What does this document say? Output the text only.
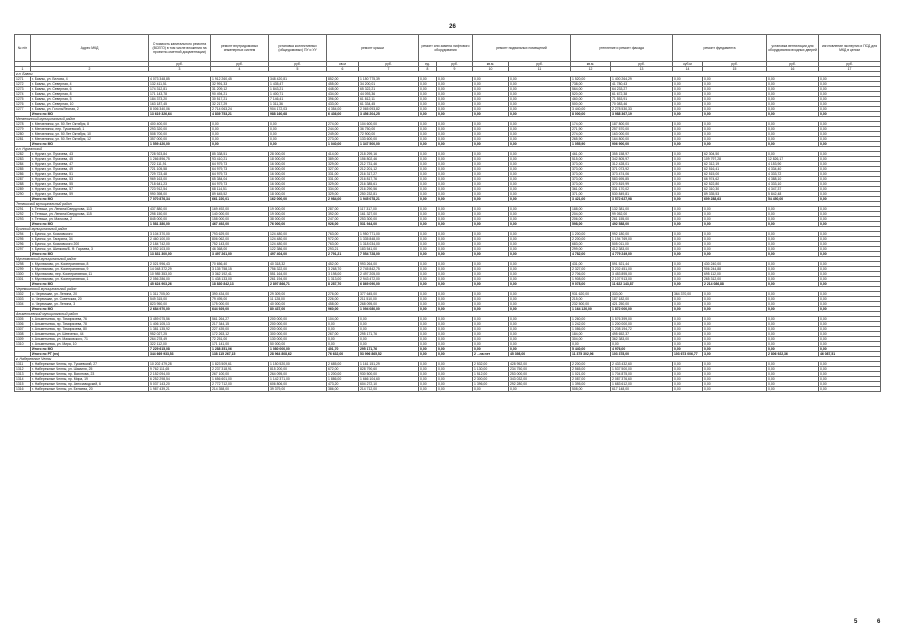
26
№ п/п	Адрес МКД	Стоимость капитального ремонта (ВСЕГО) в том числе вложения на проектно-сметной документации)	ремонт внутридомовых инженерных систем	установка коллективных (общедомовых) ПУ и УУ	ремонт крыши		ремонт или замена лифтового оборудования		ремонт подвальных помещений		утепление и ремонт фасада		ремонт фундамента		установка вентиляции для оборудования входных дверей	изготовление экспертиз и ПСД для МКД в целом
		руб.	руб.	руб.	кв.м	руб.	ед.	руб.	кв.м.	руб.	кв.м.	руб.	куб.м	руб.	руб.	руб.
1	2	3	4	5	6	7	8	9	10	11	12	13	14	15	16	17
г.п. Бавлы																
1271	г. Бавлы, ул. Белова, 4	4 073 348,85	1 912 260,45	348 420,81	852,00	1 150 775,39	0,00	0,00	0,00	0,00	1 520,00	1 400 264,29	0,00	0,00	0,00	0,00
1272	г. Бавлы, ул. Северная, 4	132 411,51	32 991,33	1 435,47	455,00	34 200,01	0,00	0,00	0,00	0,00	738,00	41 780,43	0,00	0,00	0,00	0,00
1273	г. Бавлы, ул. Северная, 6	174 312,81	31 209,12	1 843,21	448,00	65 322,21	0,00	0,00	0,00	0,00	564,00	64 233,27	0,00	0,00	0,00	0,00
1274	г. Бавлы, ул. Северная, 8	171 143,78	90 494,21	1 400,71	434,00	44 093,36	0,00	0,00	0,00	0,00	520,00	61 672,38	0,00	0,00	0,00	0,00
1275	г. Бавлы, ул. Северная, 5	184 373,20	30 517,21	7 146,41	396,00	61 812,11	0,00	0,00	0,00	0,00	460,00	71 553,91	0,00	0,00	0,00	0,00
1276	г. Бавлы, ул. Северная, 10	163 187,45	32 217,29	1 311,36	433,00	61 334,45	0,00	0,00	0,00	0,00	500,00	70 083,46	0,00	0,00	0,00	0,00
1277	г. Бавлы, ул. Гоголя/Лесная, 2	8 006 340,06	2 714 063,24	904 172,03	4 354,00	2 065 093,82	0,00	0,00	0,00	0,00	3 440,00	2 278 530,33	0,00	0,00	0,00	0,00
	Итого по МО	13 619 326,64	4 839 753,21	988 160,68	6 436,00	3 456 204,25	0,00	0,00	0,00	0,00	8 000,00	3 988 367,19	0,00	0,00	0,00	0,00
Мензелинский муниципальный район																
1278	г. Мензелинск, ул. 50 Лет Октября, 8	400 400,00	0,00	0,00	274,00	104 600,00	0,00	0,00	0,00	0,00	174,00	187 800,00	0,00	0,00	0,00	0,00
1279	г. Мензелинск, пер. Тукаевский, 1	293 320,00	0,00	0,00	244,00	36 750,00	0,00	0,00	0,00	0,00	271,90	257 570,00	0,00	0,00	0,00	0,00
1280	г. Мензелинск, ул. 50 Лет Октября, 10	508 700,00	0,00	0,00	249,00	72 900,00	0,00	0,00	0,00	0,00	274,00	163 000,00	0,00	0,00	0,00	0,00
1281	г. Мензелинск, ул. 50 Лет Октября, 12	357 000,00	0,00	0,00	273,00	133 600,00	0,00	0,00	0,00	0,00	265,90	164 800,00	0,00	0,00	0,00	0,00
	Итого по МО	1 559 420,00	0,00	0,00	1 040,00	1 347 500,00	0,00	0,00	0,00	0,00	1 055,90	906 900,00	0,00	0,00	0,00	0,00
г.п. Нурлатский																
1282	г. Нурлат, ул. Пугачева, 43	728 923,84	85 338,51	28 000,00	414,00	218 299,16	0,00	0,00	0,00	0,00	461,00	355 158,97	0,00	62 304,50	0,00	0,00
1283	г. Нурлат, ул. Пугачева, 45	1 266 896,75	93 410,21	18 000,00	389,00	156 802,46	0,00	0,00	0,00	0,00	515,00	342 805,97	0,00	109 797,28	12 826,17	0,00
1284	г. Нурлат, ул. Пугачева, 47	722 111,91	64 979,73	16 000,00	329,00	212 731,46	0,00	0,00	0,00	0,00	373,00	312 428,01	0,00	62 312,19	4 153,90	0,00
1285	г. Нурлат, ул. Пугачева, 49	721 105,58	64 979,73	16 000,00	327,00	212 201,12	0,00	0,00	0,00	0,00	373,00	371 073,92	0,00	62 516,41	4 334,40	0,00
1286	г. Нурлат, ул. Пугачева, 51	729 723,48	64 979,73	16 000,00	331,00	216 317,27	0,00	0,00	0,00	0,00	373,00	373 474,06	0,00	62 515,00	4 333,72	0,00
1287	г. Нурлат, ул. Пугачева, 53	969 163,00	65 384,04	16 000,00	331,00	216 817,76	0,00	0,00	0,00	0,00	373,00	583 695,85	0,00	66 974,62	4 388,10	0,00
1288	г. Нурлат, ул. Пугачева, 55	718 641,23	64 979,73	16 000,00	329,00	216 385,61	0,00	0,00	0,00	0,00	373,00	370 819,99	0,00	62 522,80	4 333,10	0,00
1289	г. Нурлат, ул. Пугачева, 57	723 912,54	68 114,51	16 000,00	334,00	216 290,56	0,00	0,00	0,00	0,00	361,00	331 170,02	0,00	62 310,30	4 347,37	0,00
1290	г. Нурлат, ул. Пугачева, 59	990 398,00	89 645,52	18 000,00	329,00	250 232,81	0,00	0,00	0,00	0,00	371,00	530 849,81	0,00	89 335,53	5 842,48	0,00
	Итого по МО	7 070 876,34	661 220,01	162 000,00	2 984,00	1 945 078,21	0,00	0,00	0,00	0,00	3 421,00	3 572 627,98	0,00	609 288,63	54 450,00	0,00
Тетюшский муниципальный район																
1291	г. Тетюши, ул. Ленина/Свердлова, 113	437 880,00	169 492,00	19 000,00	287,00	117 317,00	0,00	0,00	0,00	0,00	188,00	132 381,00	0,00	0,00	0,00	0,00
1292	г. Тетюши, ул. Ленина/Свердлова, 115	298 150,00	140 000,00	19 000,00	392,00	161 327,00	0,00	0,00	0,00	0,00	204,00	99 052,00	0,00	0,00	0,00	0,00
1293	г. Тетюши, ул. Малкова, 2	845 000,00	158 000,00	38 000,00	247,00	253 300,00	0,00	0,00	0,00	0,00	206,00	261 155,00	0,00	0,00	0,00	0,00
	Итого по МО	1 581 380,00	467 492,00	76 000,00	926,00	531 944,00	0,00	0,00	0,00	0,00	598,00	492 588,00	0,00	0,00	0,00	0,00
Буинский муниципальный район																
1294	г. Буинск, ул. Космовского	3 104 370,00	793 629,00	124 480,00	763,00	1 950 771,00	0,00	0,00	0,00	0,00	1 200,00	992 180,00	0,00	0,00	0,00	0,00
1295	г. Буинск, ул. Гагарина, 34	2 460 100,00	806 062,00	124 480,00	972,00	1 335 848,00	0,00	0,00	0,00	0,00	2 200,00	1 194 769,00	0,00	0,00	0,00	0,00
1296	г. Буинск, ул. Космовского 200	2 184 742,00	752 143,00	124 480,00	763,00	1 318 034,00	0,00	0,00	0,00	0,00	683,00	505 011,00	0,00	0,00	0,00	0,00
1297	г. Буинск, ул. Шипкова/Б. Ф. Гараева, 3	3 092 103,00	46 368,00	122 386,00	293,21	183 541,00	0,00	0,00	0,00	0,00	299,00	412 383,00	0,00	0,00	0,00	0,00
	Итого по МО	13 831 300,00	3 497 261,00	497 404,00	2 791,21	7 554 728,00	0,00	0,00	0,00	0,00	4 782,00	4 779 249,00	0,00	0,00	0,00	0,00
Муслюмовский муниципальный район																
1298	г. Муслюмово, ул. Кооперативная, 8	2 021 996,43	70 656,40	40 318,32	452,00	993 264,00	0,00	0,00	0,00	0,00	431,00	591 521,44	0,00	430 240,00	0,00	0,00
1299	г. Муслюмово, ул. Кооперативная, 9	14 048 372,29	3 135 758,15	756 322,00	3 268,70	2 745 842,75	0,00	0,00	0,00	0,00	2 327,00	3 202 451,00	0,00	906 244,88	0,00	0,00
1300	г. Муслюмово, пер. Кооперативная, 11	10 985 353,00	3 362 192,41	551 164,00	3 198,00	2 497 205,00	0,00	0,00	0,00	0,00	2 706,00	3 453 895,00	0,00	695 112,00	0,00	0,00
1301	г. Муслюмово, ул. Кооперативная, 1	2 056 286,00	1 438 133,00	261 194,00	1 313,00	2 943 472,00	0,00	0,00	0,00	0,00	1 908,00	2 107 913,00	0,00	265 312,00	0,00	0,00
	Итого по МО	45 624 903,26	18 830 842,13	2 897 866,71	8 287,70	6 869 090,00	0,00	0,00	0,00	0,00	9 078,00	11 622 143,87	0,00	2 214 086,88	0,00	0,00
Черемшанский муниципальный район																
1302	с. Черемшан, ул. Ленина, 20	1 311 705,00	390 434,00	29 309,00	276,00	377 645,00	0,00	0,00	0,00	0,00	931 620,00	333,00	364 370,00	0,00	0,00	0,00
1303	с. Черемшан, ул. Советская, 20	549 315,00	79 495,00	11 128,00	226,00	211 510,00	0,00	0,00	0,00	0,00	215,00	187 182,00	0,00	0,00	0,00	0,00
1304	с. Черемшан, ул. Ленина, 3	823 950,00	175 000,00	40 000,00	458,00	268 095,00	0,00	0,00	0,00	0,00	232 500,00	421 250,00	0,00	0,00	0,00	0,00
	Итого по МО	2 684 970,00	644 929,00	80 437,00	960,00	1 094 080,00	0,00	0,00	0,00	0,00	1 164 120,00	1 872 000,00	0,00	0,00	0,00	0,00
Альметьевский муниципальный район																
1305	г. Альметьевск, пр. Тимирязева, 76	3 459 075,56	561 264,27	200 000,00	104,00	0,00	0,00	0,00	0,00	0,00	1 260,00	1 576 399,00	0,00	0,00	0,00	0,00
1306	г. Альметьевск, пр. Тимирязева, 78	1 406 105,13	217 344,15	200 000,00	0,00	0,00	0,00	0,00	0,00	0,00	1 242,00	1 200 000,00	0,00	0,00	0,00	0,00
1307	г. Альметьевск, пр. Тимирязева, 80	1 381 135,92	227 439,00	200 000,00	0,00	0,00	0,00	0,00	0,00	0,00	1 086,00	1 208 194,72	0,00	0,00	0,00	0,00
1308	г. Альметьевск, ул. Шевченко, 44	952 027,25	172 263,12	300 000,00	267,00	295 171,76	0,00	0,00	0,00	0,00	184,00	495 652,37	0,00	0,00	0,00	0,00
1309	г. Альметьевск, ул. Маяковского, 71	264 278,49	72 251,00	130 000,00	0,00	0,00	0,00	0,00	0,00	0,00	304,00	362 383,00	0,00	0,00	0,00	0,00
1310	г. Альметьевск, ул. Мира, 10	322 112,00	171 141,00	50 000,00	0,00	0,00	0,00	0,00	0,00	0,00	0,00	0,00	0,00	0,00	0,00	0,00
	Итого по МО	7 229 615,08	1 288 351,06	1 080 000,00	401,70	295 171,76	0,00	0,00	0,00	0,00	5 440,00	4 976,00	0,00	0,00	0,00	0,00
	Итого по РТ (нч)	344 669 933,53	138 115 267,15	28 964 808,62	76 632,00	53 996 865,52	0,00	0,00	2 ...на нет	45 398,00	11 375 302,96	103 378,00	103 673 006,77	3,00	2 806 922,36	46 087,51
г. Набережные Челны																
1311	г. Набережные Челны, пр. Тукаевский, 27	10 202 479,28	1 823 509,61	1 150 520,00	2 685,00	1 161 151,29	0,00	0,00	2 532,00	428 952,00	2 200,00	2 433 432,60	0,00	0,00	0,00	0,00
1312	г. Набережные Челны, ул. Шамиля, 25	9 762 111,65	2 237 318,91	815 200,00	672,00	828 790,60	0,00	0,00	1 130,00	234 750,00	2 565,00	1 537 500,00	0,00	0,00	0,00	0,00
1313	г. Набережные Челны, пр. Вахитова, 23	2 152 094,00	267 100,00	264 095,00	1 200,00	930 500,00	0,00	0,00	1 512,00	253 000,00	1 021,00	1 704 875,00	0,00	0,00	0,00	0,00
1314	г. Набережные Челны, пр. Мира, 19	6 252 298,54	1 656 601,00	1 142 371,00	1 886,00	1 666 104,60	0,00	0,00	2 300,00	343 032,00	2 087,00	2 087 376,60	0,00	0,00	0,00	0,00
1315	г. Набережные Челны, пр. Автозаводский, 6	5 037 143,20	2 772 712,00	606 806,00	473,20	604 272,10	0,00	0,00	1 396,00	292 280,00	1 395,00	1 683 612,00	0,00	0,00	0,00	0,00
1316	г. Набережные Челны, ул. Беляева, 20	1 987 439,21	214 358,00	39 379,00	386,00	214 712,00	0,00	0,00	0,00	0,00	508,00	617 148,00	0,00	0,00	0,00	0,00
5	6
